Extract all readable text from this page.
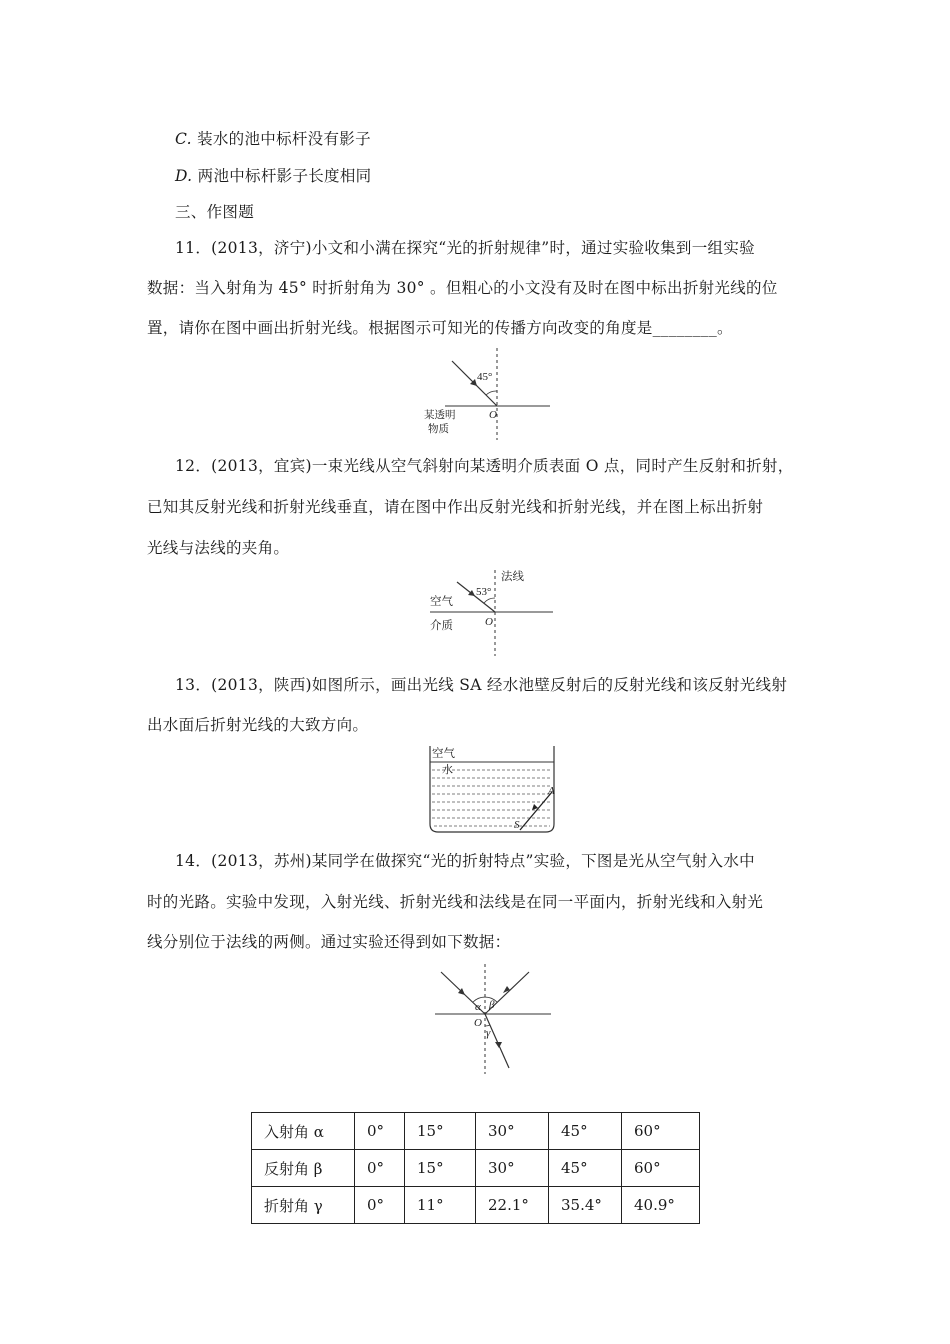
C. 装水的池中标杆没有影子
D. 两池中标杆影子长度相同
三、作图题
11．(2013，济宁)小文和小满在探究“光的折射规律”时，通过实验收集到一组实验
数据：当入射角为 45° 时折射角为 30° 。但粗心的小文没有及时在图中标出折射光线的位
置，请你在图中画出折射光线。根据图示可知光的传播方向改变的角度是________。
45°
O
某透明
物质
12．(2013，宜宾)一束光线从空气斜射向某透明介质表面 O 点，同时产生反射和折射，
已知其反射光线和折射光线垂直，请在图中作出反射光线和折射光线，并在图上标出折射
光线与法线的夹角。
法线
53°
空气
介质	O
13．(2013，陕西)如图所示，画出光线 SA 经水池壁反射后的反射光线和该反射光线射
出水面后折射光线的大致方向。
空气
水
A
S
14．(2013，苏州)某同学在做探究“光的折射特点”实验，下图是光从空气射入水中
时的光路。实验中发现，入射光线、折射光线和法线是在同一平面内，折射光线和入射光
线分别位于法线的两侧。通过实验还得到如下数据：
α β
γ
O
入射角 α	0°	15°	30°	45°	60°
反射角 β	0°	15°	30°	45°	60°
折射角 γ	0°	11°	22.1°	35.4°	40.9°
